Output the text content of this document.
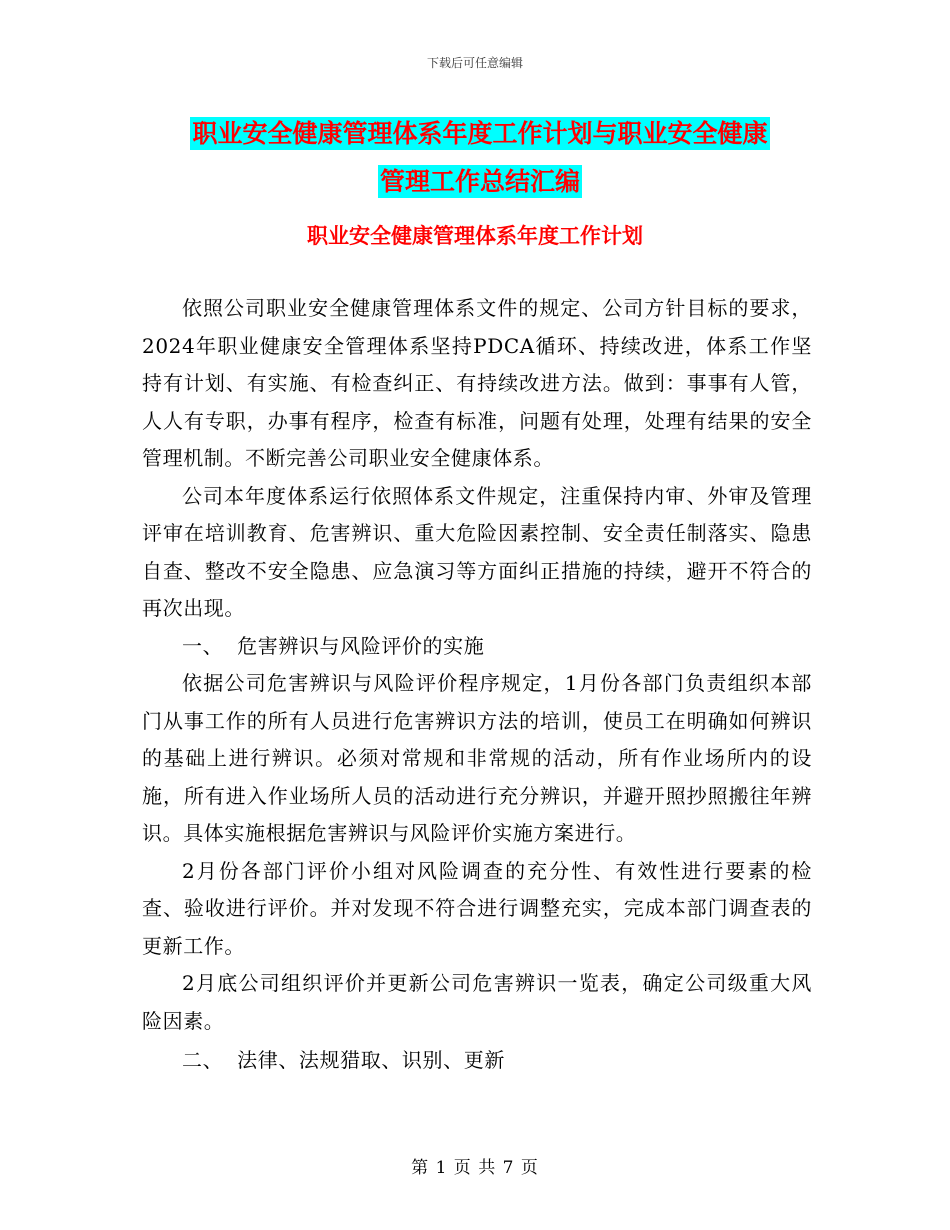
下载后可任意编辑
职业安全健康管理体系年度工作计划与职业安全健康
管理工作总结汇编
职业安全健康管理体系年度工作计划

依照公司职业安全健康管理体系文件的规定、公司方针目标的要求，2024年职业健康安全管理体系坚持PDCA循环、持续改进，体系工作坚持有计划、有实施、有检查纠正、有持续改进方法。做到：事事有人管，人人有专职，办事有程序，检查有标准，问题有处理，处理有结果的安全管理机制。不断完善公司职业安全健康体系。

公司本年度体系运行依照体系文件规定，注重保持内审、外审及管理评审在培训教育、危害辨识、重大危险因素控制、安全责任制落实、隐患自查、整改不安全隐患、应急演习等方面纠正措施的持续，避开不符合的再次出现。

一、  危害辨识与风险评价的实施

依据公司危害辨识与风险评价程序规定，1月份各部门负责组织本部门从事工作的所有人员进行危害辨识方法的培训，使员工在明确如何辨识的基础上进行辨识。必须对常规和非常规的活动，所有作业场所内的设施，所有进入作业场所人员的活动进行充分辨识，并避开照抄照搬往年辨识。具体实施根据危害辨识与风险评价实施方案进行。

2月份各部门评价小组对风险调查的充分性、有效性进行要素的检查、验收进行评价。并对发现不符合进行调整充实，完成本部门调查表的更新工作。

2月底公司组织评价并更新公司危害辨识一览表，确定公司级重大风险因素。

二、  法律、法规猎取、识别、更新

第 1 页 共 7 页
